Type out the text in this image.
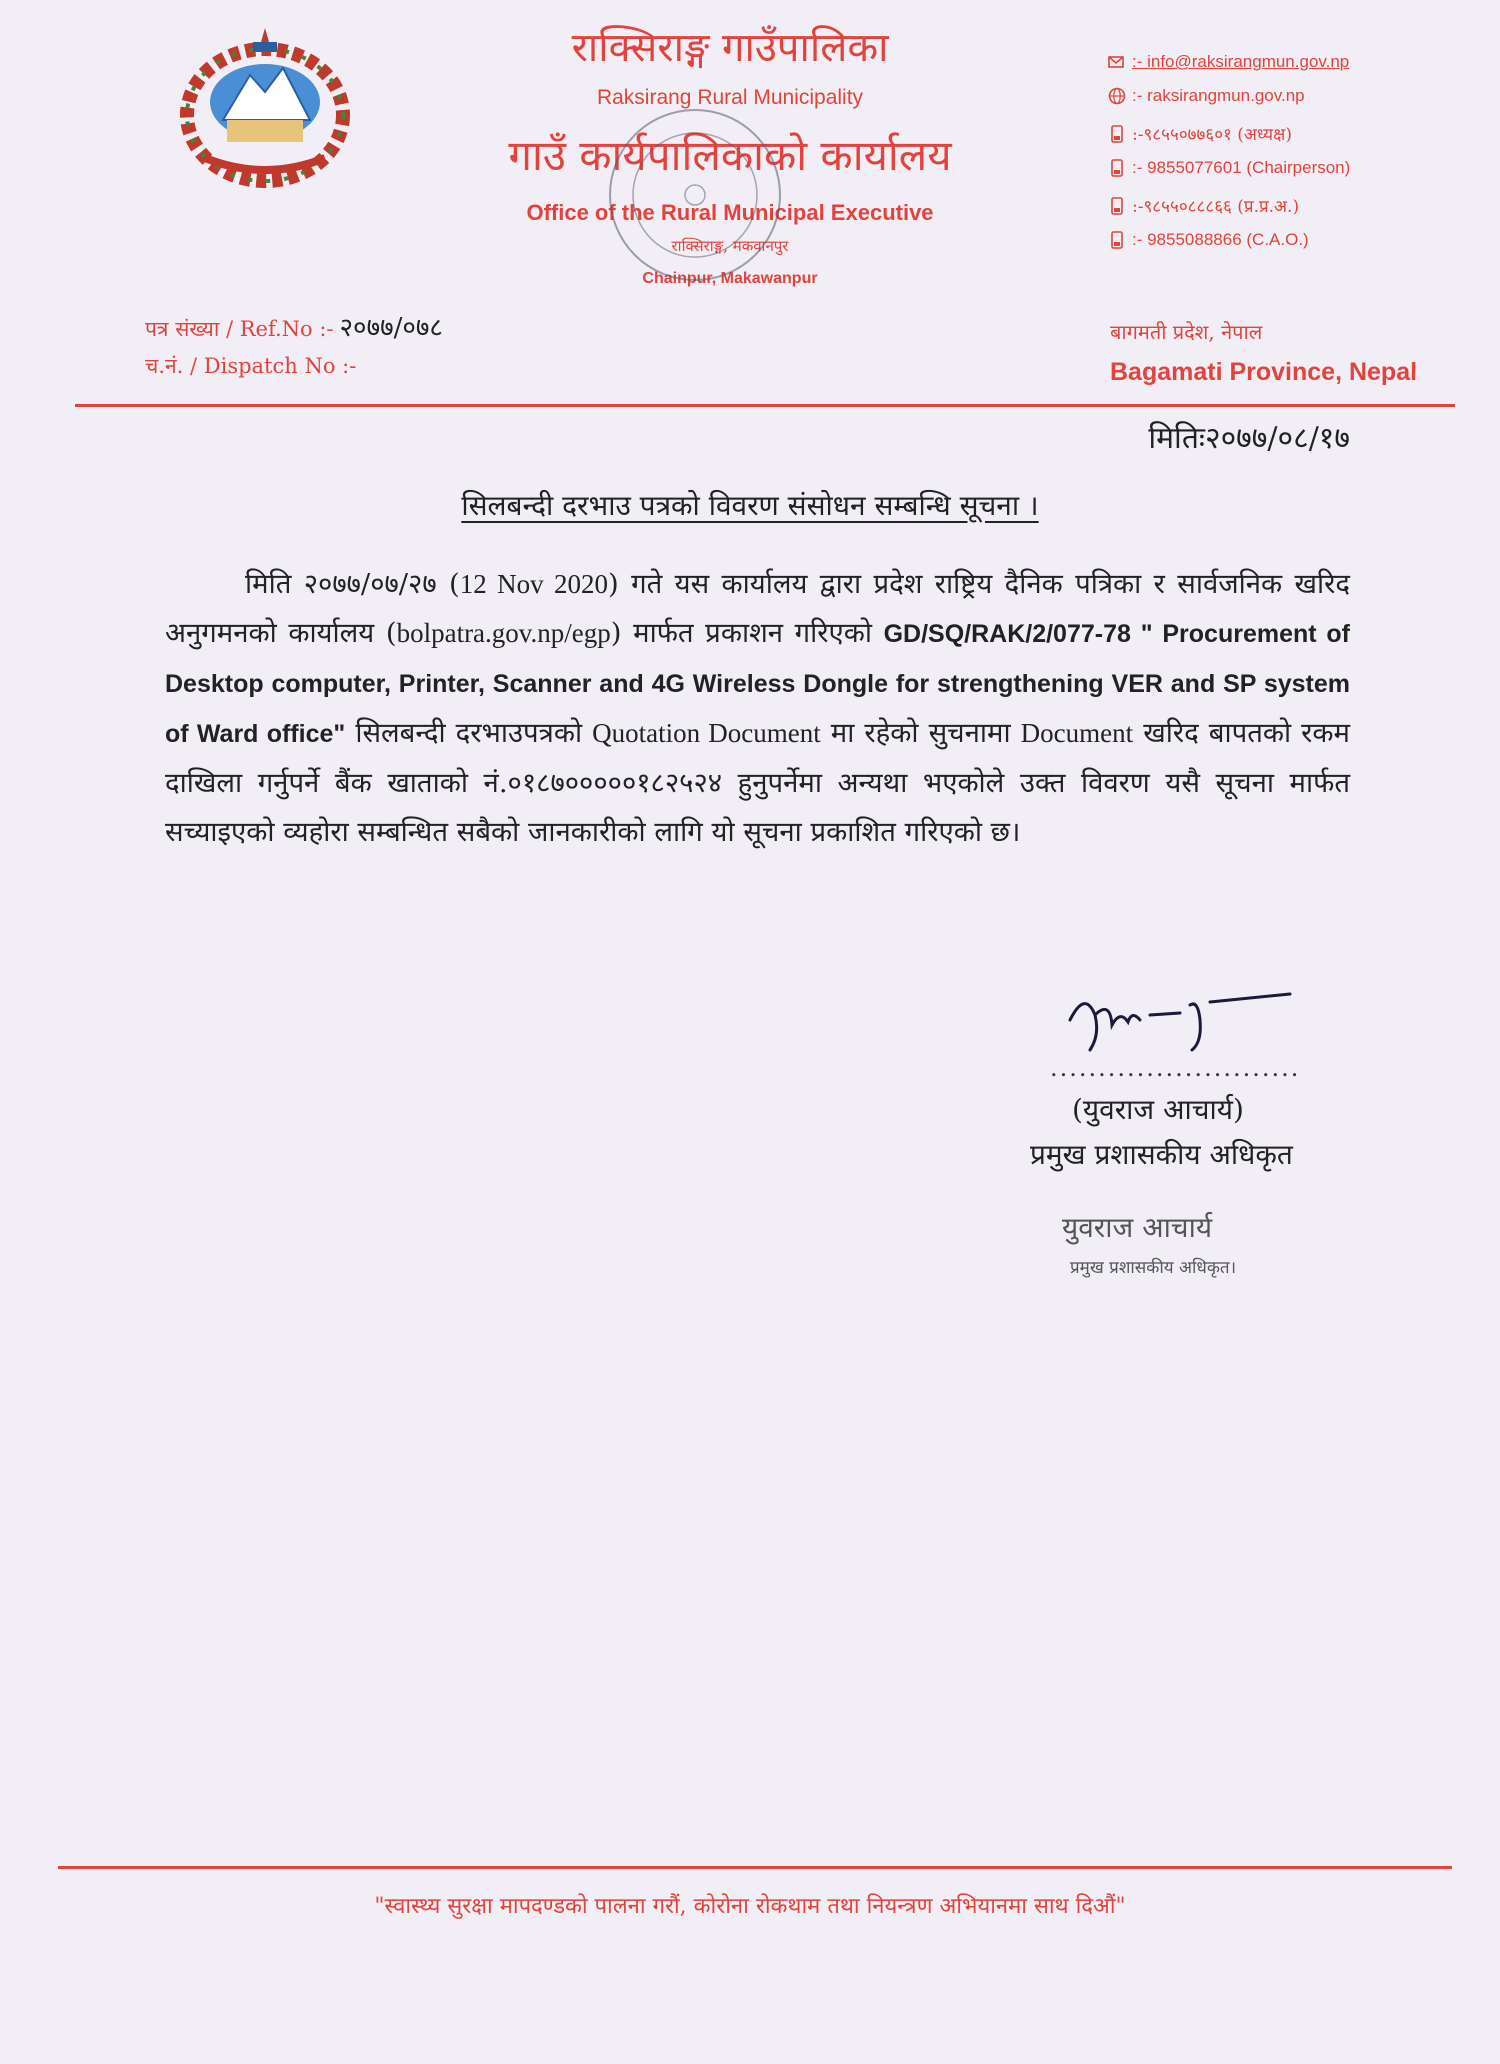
राक्सिराङ्ग गाउँपालिका
Raksirang Rural Municipality
गाउँ कार्यपालिकाको कार्यालय
Office of the Rural Municipal Executive
राक्सिराङ्ग, मकवानपुर
Chainpur, Makawanpur
:- info@raksirangmun.gov.np
:- raksirangmun.gov.np
:-९८५५०७७६०१ (अध्यक्ष)
:- 9855077601 (Chairperson)
:-९८५५०८८८६६ (प्र.प्र.अ.)
:- 9855088866 (C.A.O.)
पत्र संख्या / Ref.No :- २०७७/०७८
च.नं. / Dispatch No :-
बागमती प्रदेश, नेपाल
Bagamati Province, Nepal
मितिः२०७७/०८/१७
सिलबन्दी दरभाउ पत्रको विवरण संसोधन सम्बन्धि सूचना ।

मिति २०७७/०७/२७ (12 Nov 2020) गते यस कार्यालय द्वारा प्रदेश राष्ट्रिय दैनिक पत्रिका र सार्वजनिक खरिद अनुगमनको कार्यालय (bolpatra.gov.np/egp) मार्फत प्रकाशन गरिएको GD/SQ/RAK/2/077-78 " Procurement of Desktop computer, Printer, Scanner and 4G Wireless Dongle for strengthening VER and SP system of Ward office" सिलबन्दी दरभाउपत्रको Quotation Document मा रहेको सुचनामा Document खरिद बापतको रकम दाखिला गर्नुपर्ने बैंक खाताको नं.०१८७०००००१८२५२४ हुनुपर्नेमा अन्यथा भएकोले उक्त विवरण यसै सूचना मार्फत सच्याइएको व्यहोरा सम्बन्धित सबैको जानकारीको लागि यो सूचना प्रकाशित गरिएको छ।

..........................
(युवराज आचार्य)
प्रमुख प्रशासकीय अधिकृत
युवराज आचार्य
प्रमुख प्रशासकीय अधिकृत।
"स्वास्थ्य सुरक्षा मापदण्डको पालना गरौं, कोरोना रोकथाम तथा नियन्त्रण अभियानमा साथ दिऔं"
